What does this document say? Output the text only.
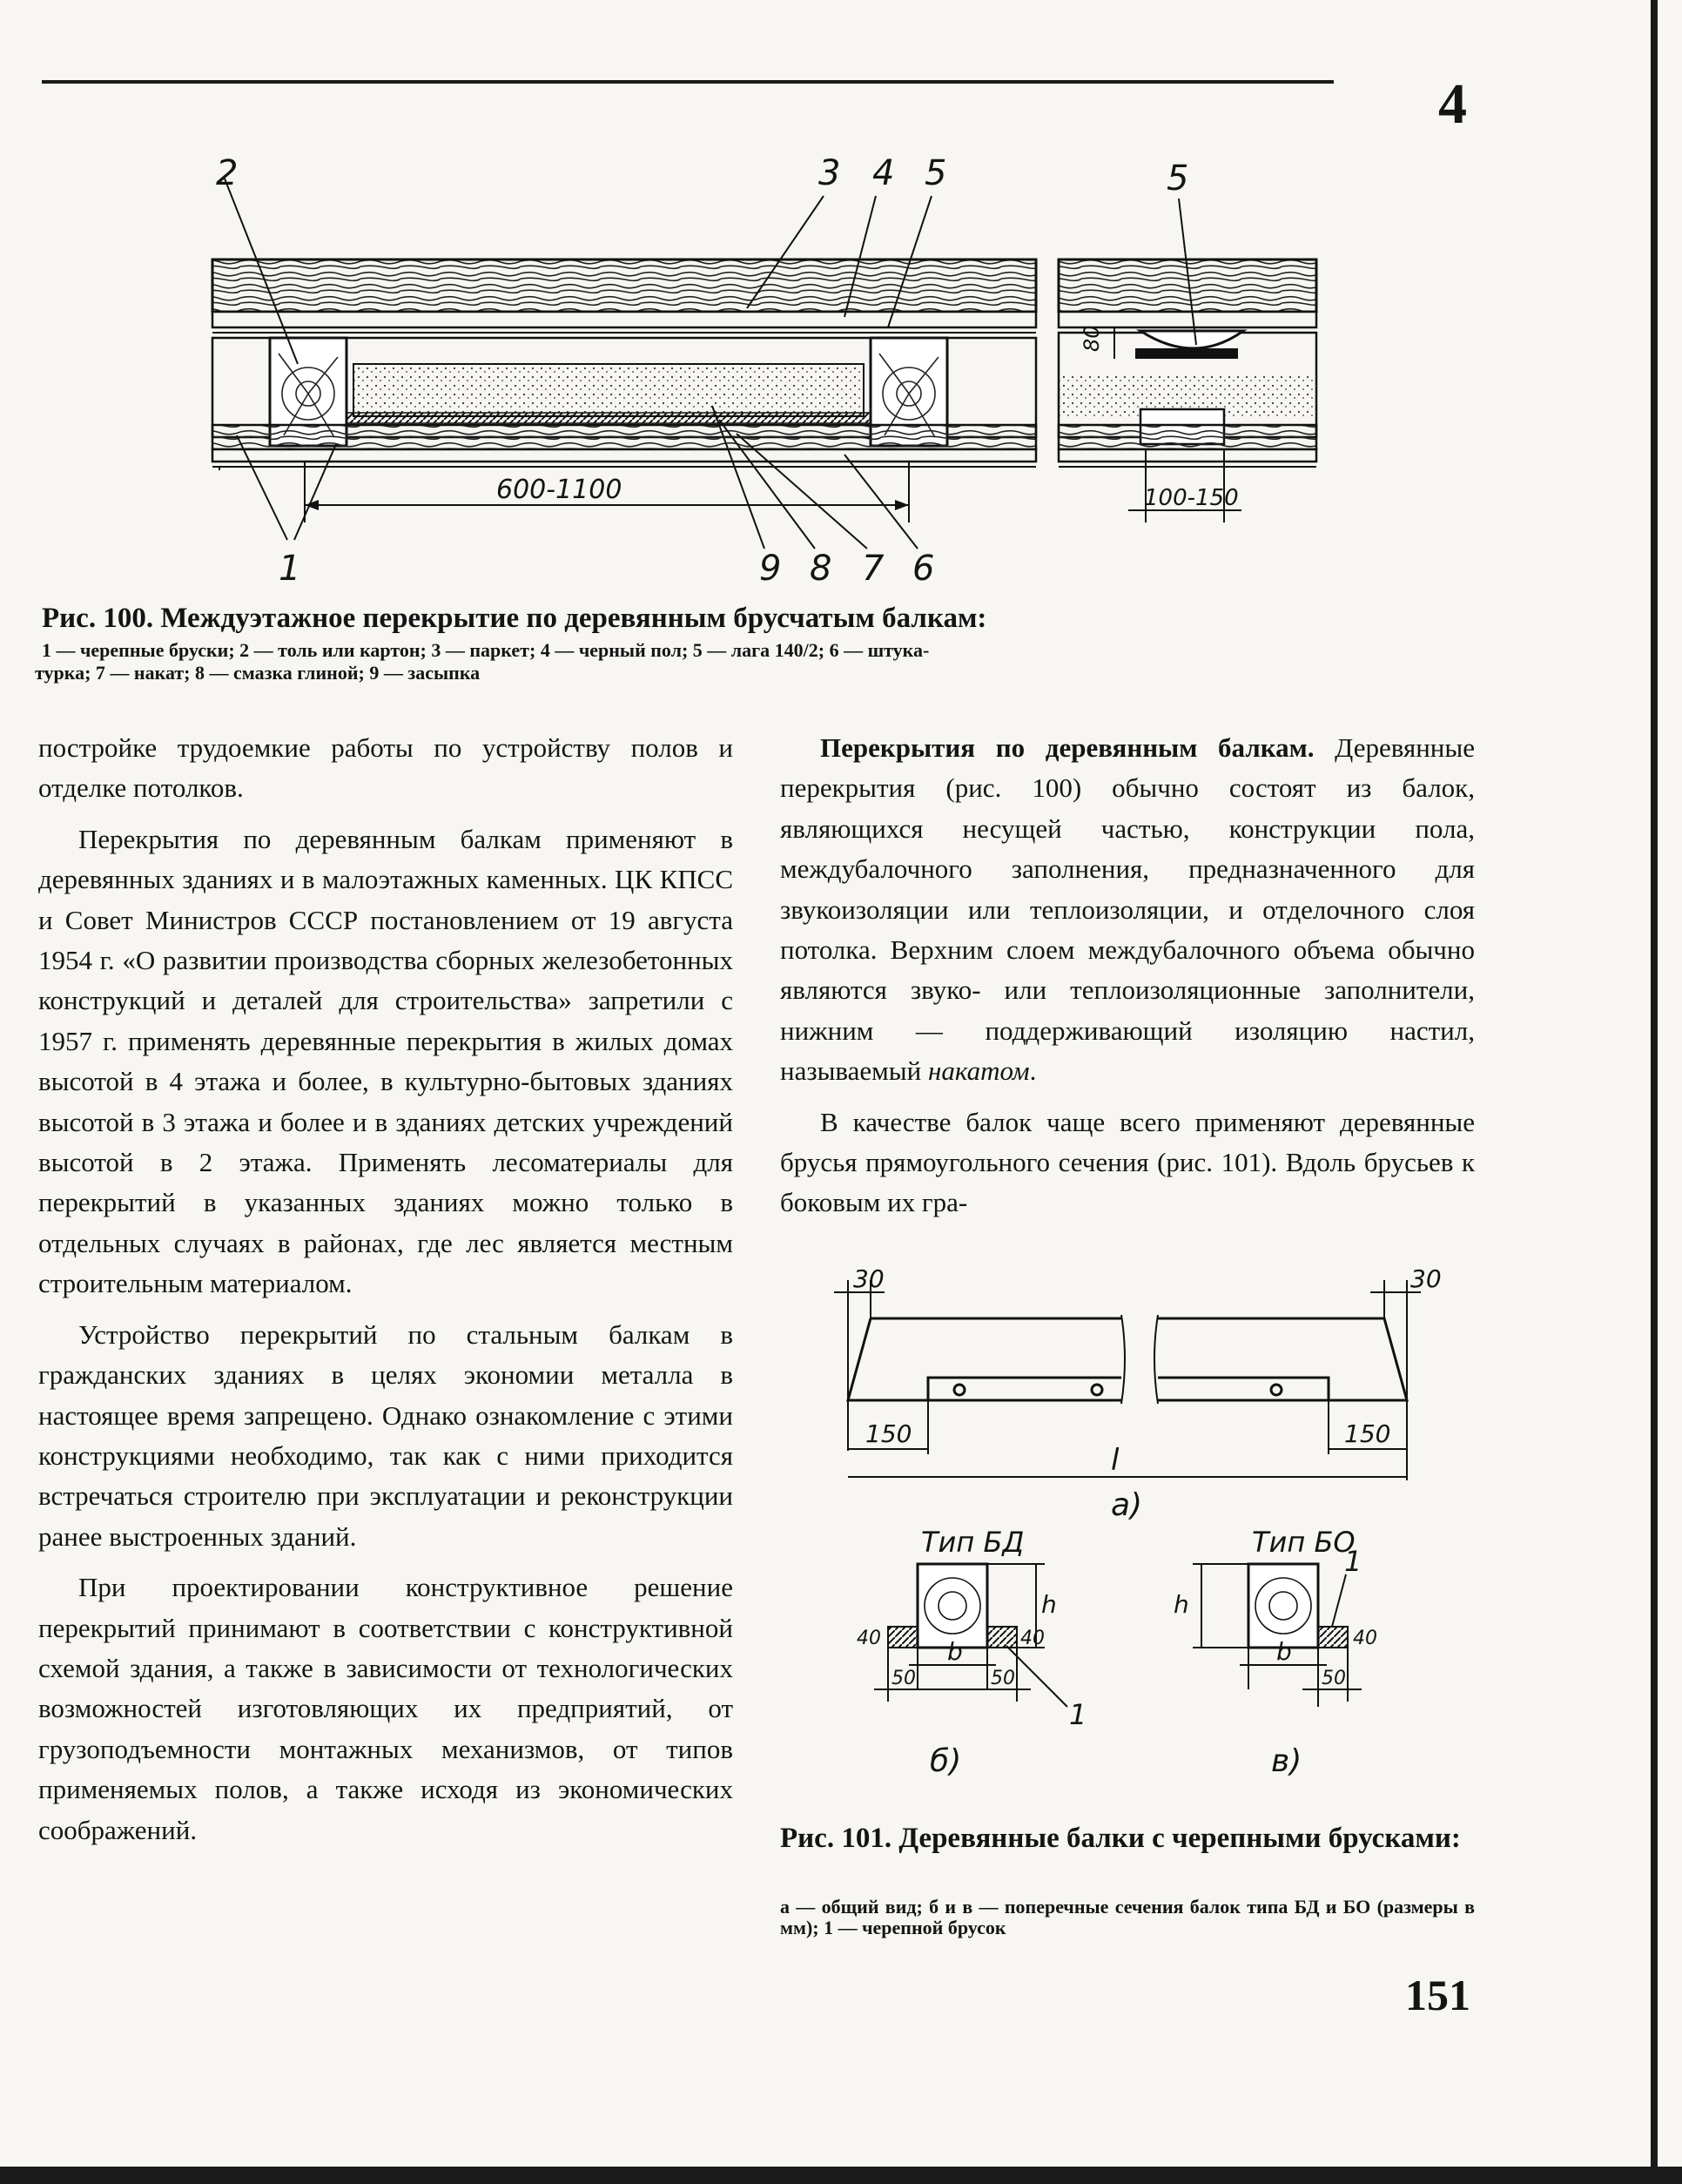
4
600-1100
2	3 4 5
1	9 8 7 6
80
100-150
5
Рис. 100. Междуэтажное перекрытие по деревянным брусчатым балкам:
1 — черепные бруски; 2 — толь или картон; 3 — паркет; 4 — черный пол; 5 — лага 140/2; 6 — штука-
турка; 7 — накат; 8 — смазка глиной; 9 — засыпка

постройке трудоемкие работы по устройству полов и отделке потолков.

Перекрытия по деревянным балкам применяют в деревянных зданиях и в малоэтажных каменных. ЦК КПСС и Совет Министров СССР постановлением от 19 августа 1954 г. «О развитии производства сборных железобетонных конструкций и деталей для строительства» запретили с 1957 г. применять деревянные перекрытия в жилых домах высотой в 4 этажа и более, в культурно-бытовых зданиях высотой в 3 этажа и более и в зданиях детских учреждений высотой в 2 этажа. Применять лесоматериалы для перекрытий в указанных зданиях можно только в отдельных случаях в районах, где лес является местным строительным материалом.

Устройство перекрытий по стальным балкам в гражданских зданиях в целях экономии металла в настоящее время запрещено. Однако ознакомление с этими конструкциями необходимо, так как с ними приходится встречаться строителю при эксплуатации и реконструкции ранее выстроенных зданий.

При проектировании конструктивное решение перекрытий принимают в соответствии с конструктивной схемой здания, а также в зависимости от технологических возможностей изготовляющих их предприятий, от грузоподъемности монтажных механизмов, от типов применяемых полов, а также исходя из экономических соображений.

Перекрытия по деревянным балкам. Деревянные перекрытия (рис. 100) обычно состоят из балок, являющихся несущей частью, конструкции пола, междубалочного заполнения, предназначенного для звукоизоляции или теплоизоляции, и отделочного слоя потолка. Верхним слоем междубалочного объема обычно являются звуко- или теплоизоляционные заполнители, нижним — поддерживающий изоляцию настил, называемый накатом.

В качестве балок чаще всего применяют деревянные брусья прямоугольного сечения (рис. 101). Вдоль брусьев к боковым их гра-

30	30
150	150
l
а)
Тип БД
h
b
40	40
50	50
1
б)
Тип БО
h
b	40
50
1
в)
Рис. 101. Деревянные балки с черепными брусками:
а — общий вид; б и в — поперечные сечения балок типа БД и БО (размеры в мм); 1 — черепной брусок
151
